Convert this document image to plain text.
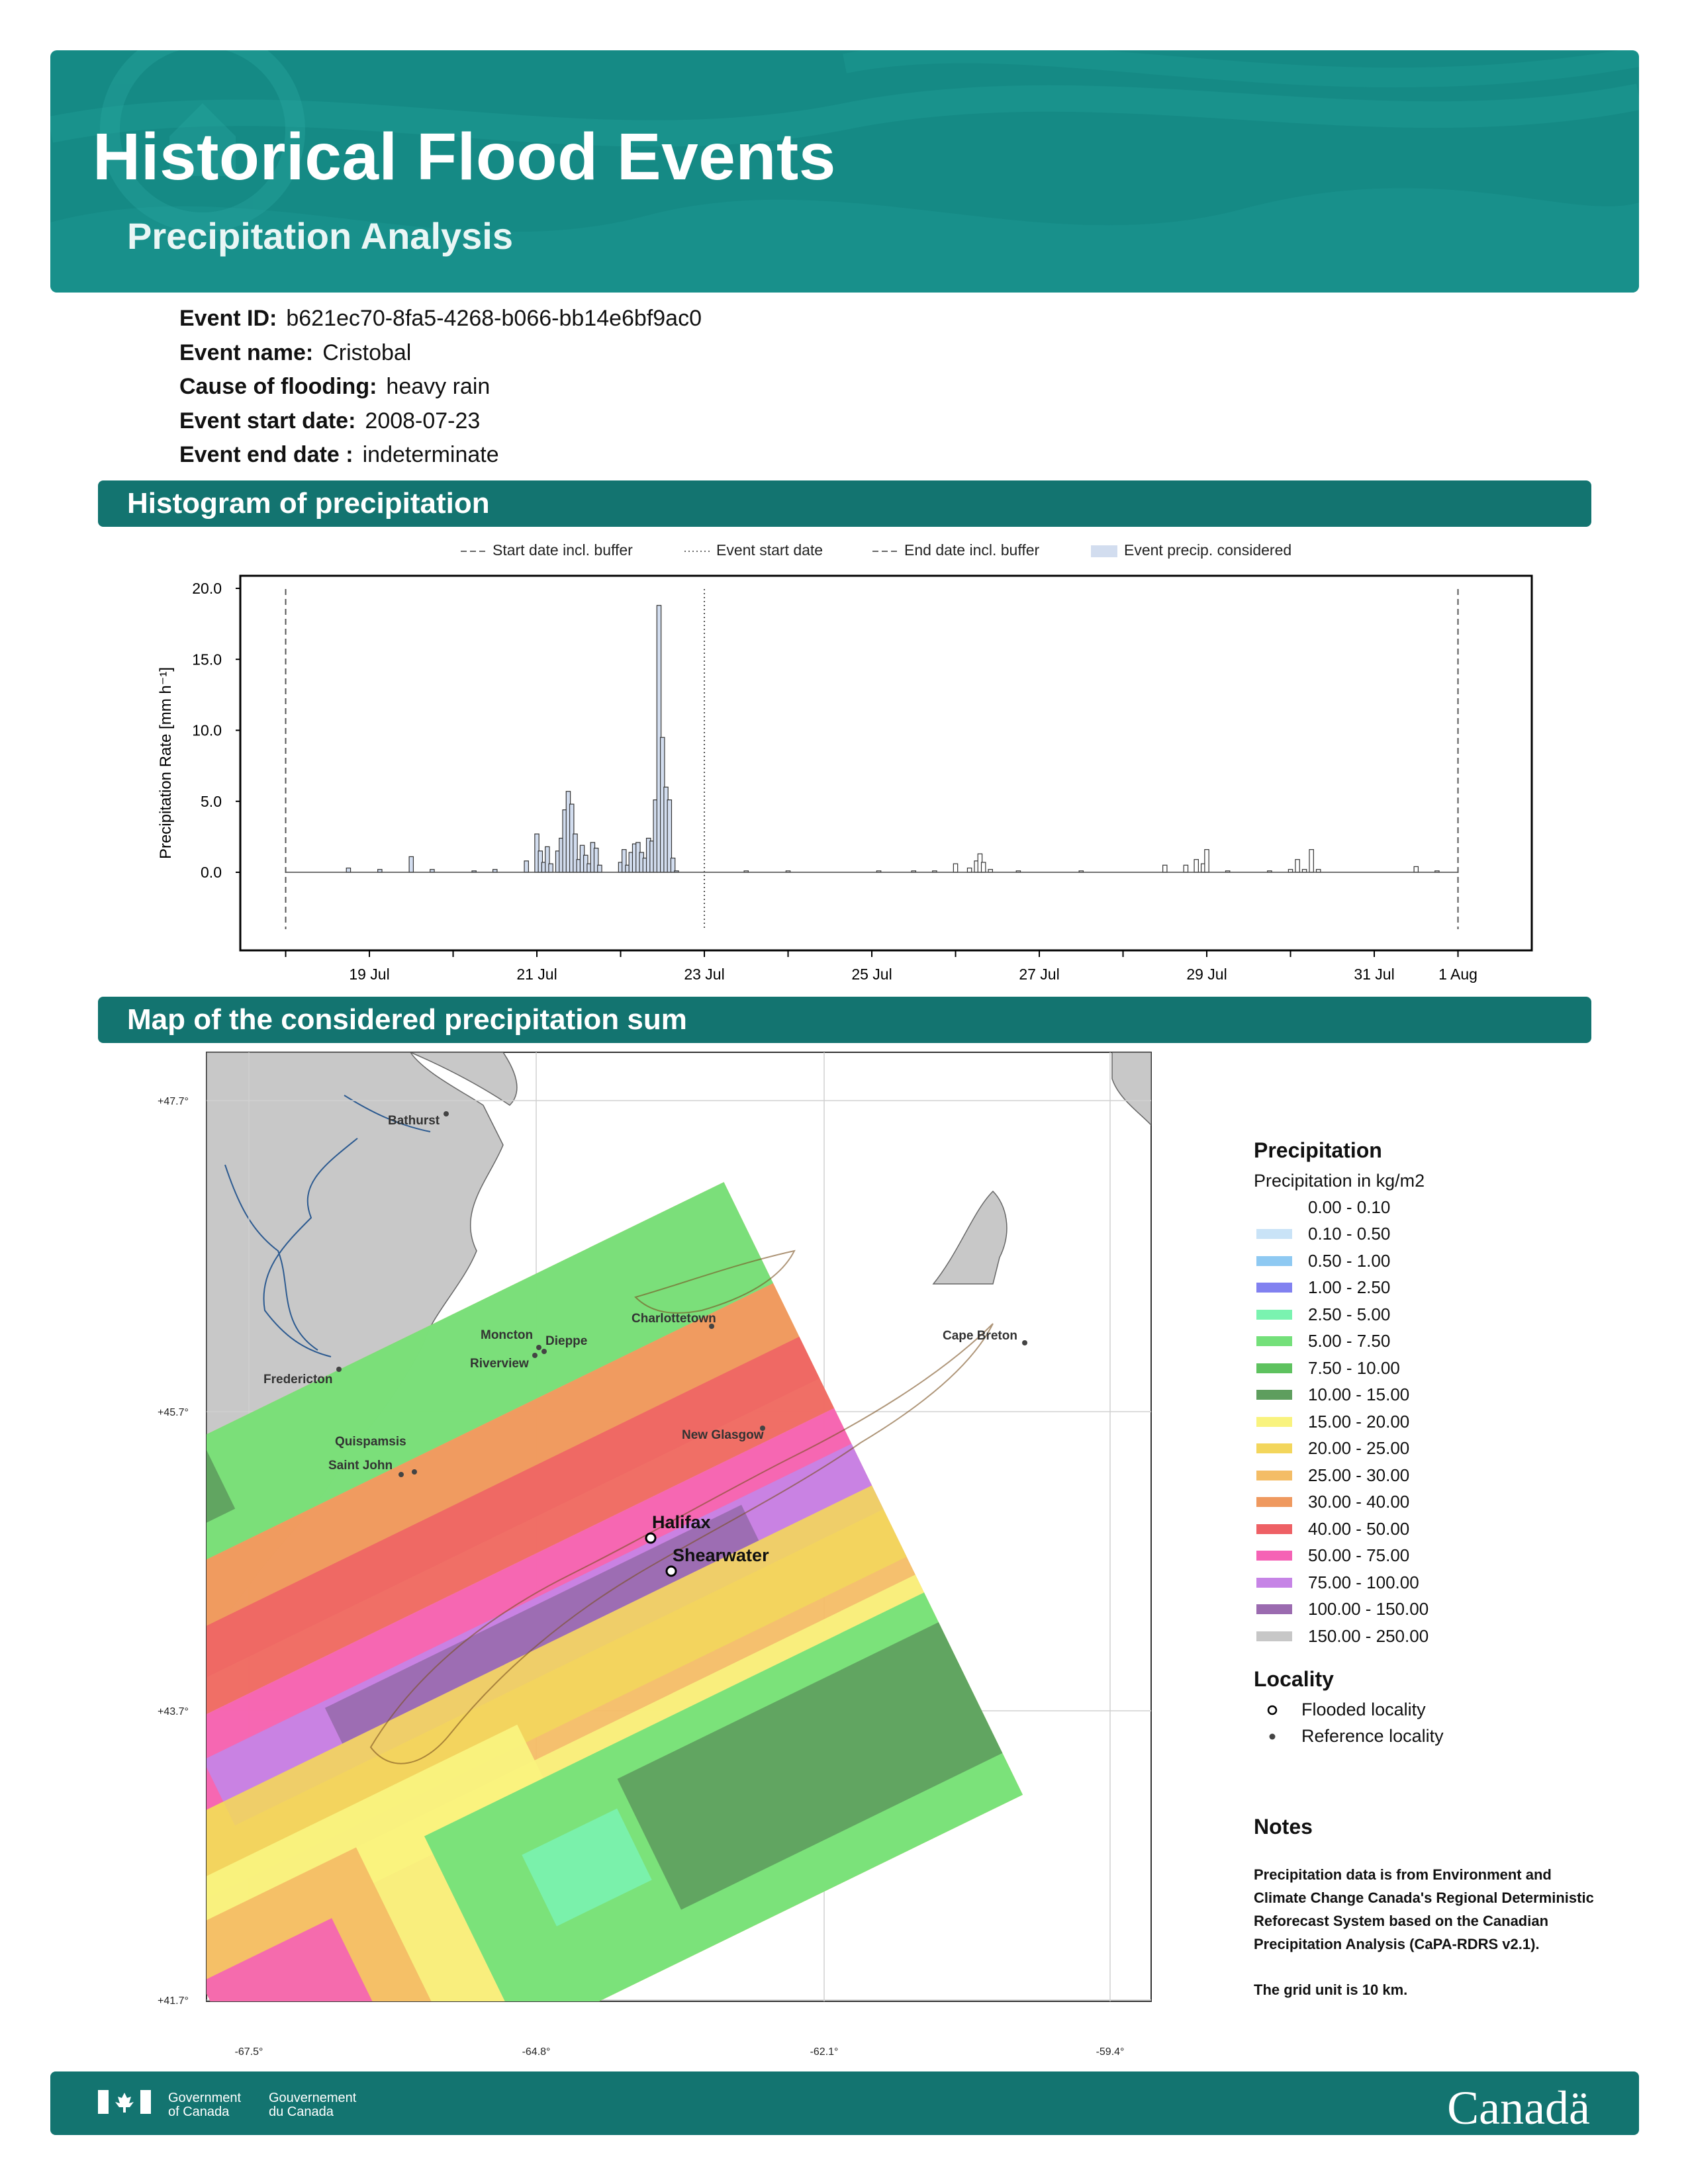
Historical Flood Events
Precipitation Analysis
Event ID: b621ec70-8fa5-4268-b066-bb14e6bf9ac0
Event name: Cristobal
Cause of flooding: heavy rain
Event start date: 2008-07-23
Event end date : indeterminate
Histogram of precipitation
Start date incl. buffer	Event start date	End date incl. buffer	Event precip. considered
0.0
5.0
10.0
15.0
20.0
19 Jul	21 Jul	23 Jul	25 Jul	27 Jul	29 Jul	31 Jul	1 Aug
Precipitation Rate [mm h⁻¹]
Map of the considered precipitation sum
Bathurst
Charlottetown
Moncton Dieppe
Riverview
Fredericton
Cape Breton
New Glasgow
Quispamsis
Saint John
Halifax
Shearwater
+47.7°
+45.7°
+43.7°
+41.7°
-67.5°	-64.8°	-62.1°	-59.4°
Precipitation
Precipitation in kg/m2
0.00 - 0.10
0.10 - 0.50
0.50 - 1.00
1.00 - 2.50
2.50 - 5.00
5.00 - 7.50
7.50 - 10.00
10.00 - 15.00
15.00 - 20.00
20.00 - 25.00
25.00 - 30.00
30.00 - 40.00
40.00 - 50.00
50.00 - 75.00
75.00 - 100.00
100.00 - 150.00
150.00 - 250.00
Locality
Flooded locality
Reference locality
Notes

Precipitation data is from Environment and Climate Change Canada's Regional Deterministic Reforecast System based on the Canadian Precipitation Analysis (CaPA-RDRS v2.1).

The grid unit is 10 km.

Government
of Canada
Gouvernement
du Canada	Canadä
